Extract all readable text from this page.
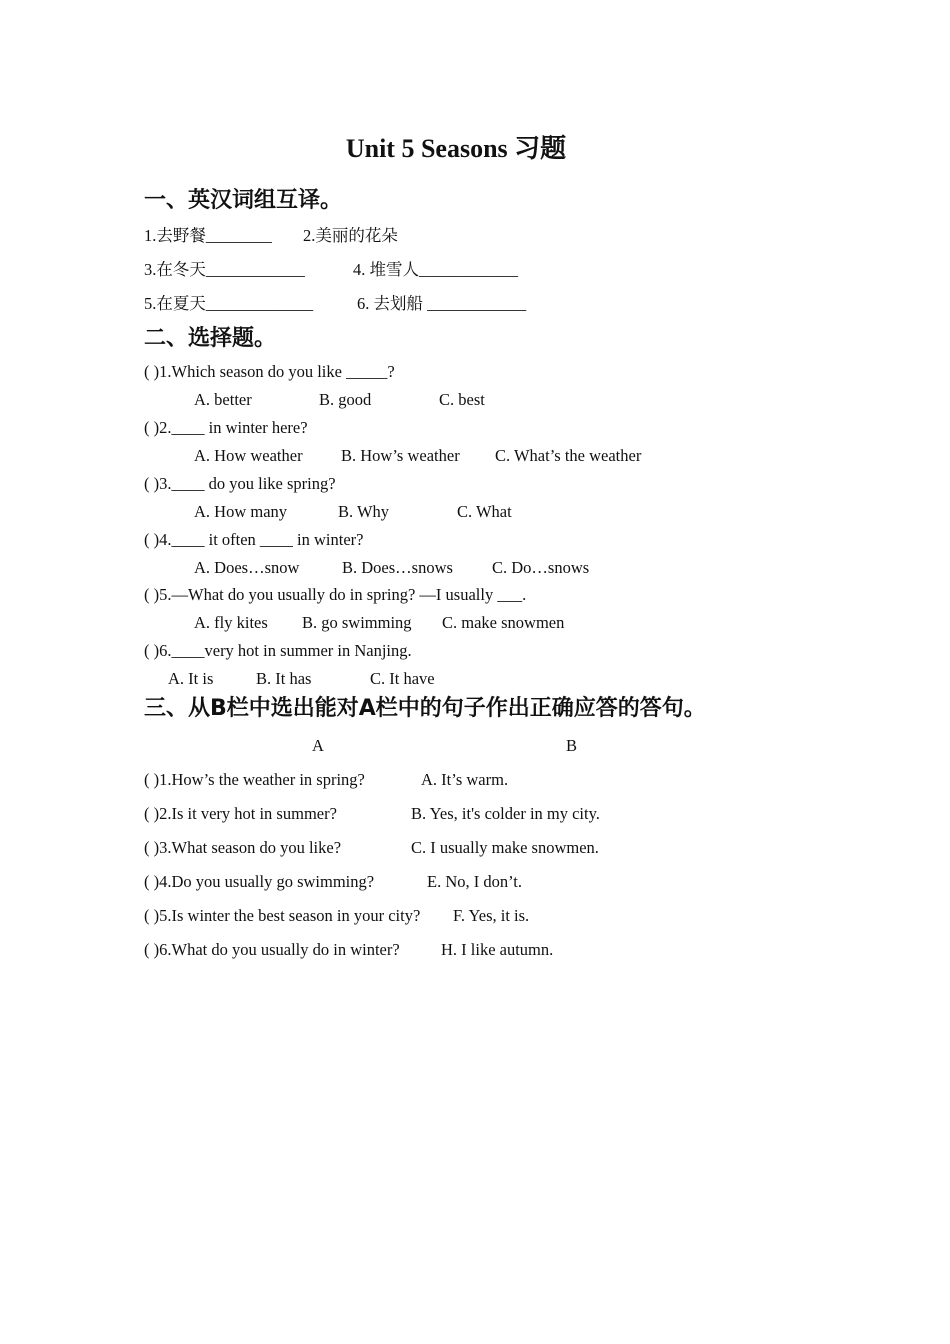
Unit 5 Seasons 习题
一、英汉词组互译。
1.去野餐________ 2.美丽的花朵
3.在冬天____________	4. 堆雪人____________
5.在夏天_____________	6. 去划船 ____________
二、选择题。
( )1.Which season do you like _____?
A. better	B. good	C. best
( )2.____ in winter here?
A. How weather B. How’s weather C. What’s the weather
( )3.____ do you like spring?
A. How many	B. Why	C. What
( )4.____ it often ____ in winter?
A. Does…snow	B. Does…snows C. Do…snows
( )5.—What do you usually do in spring? —I usually ___.
A. fly kites B. go swimming C. make snowmen
( )6.____very hot in summer in Nanjing.
A. It is	B. It has	C. It have
三、从B栏中选出能对A栏中的句子作出正确应答的答句。
A	B
( )1.How’s the weather in spring?	A. It’s warm.
( )2.Is it very hot in summer?	B. Yes, it's colder in my city.
( )3.What season do you like?	C. I usually make snowmen.
( )4.Do you usually go swimming?	E. No, I don’t.
( )5.Is winter the best season in your city? F. Yes, it is.
( )6.What do you usually do in winter?	H. I like autumn.
